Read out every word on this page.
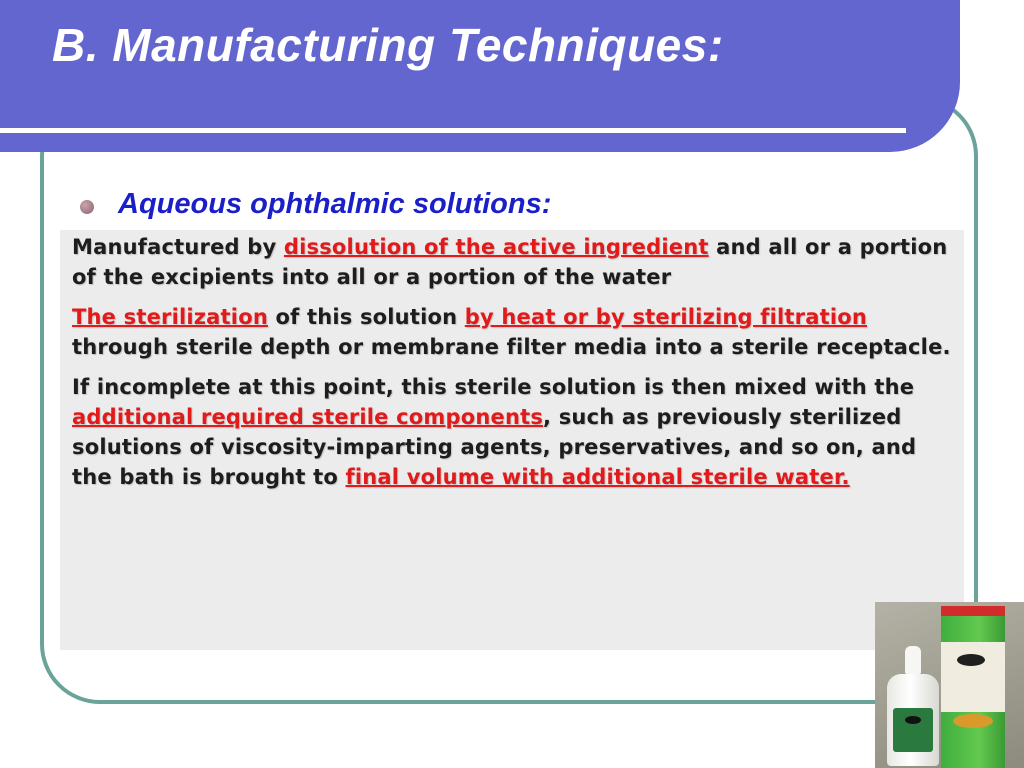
B. Manufacturing Techniques:

Aqueous ophthalmic solutions:

Manufactured by dissolution of the active ingredient and all or a portion of the excipients into all or a portion of the water

The sterilization of this solution by heat or by sterilizing filtration through sterile depth or membrane filter media into a sterile receptacle.

If incomplete at this point, this sterile solution is then mixed with the additional required sterile components, such as previously sterilized solutions of viscosity-imparting agents, preservatives, and so on, and the bath is brought to final volume with additional sterile water.
